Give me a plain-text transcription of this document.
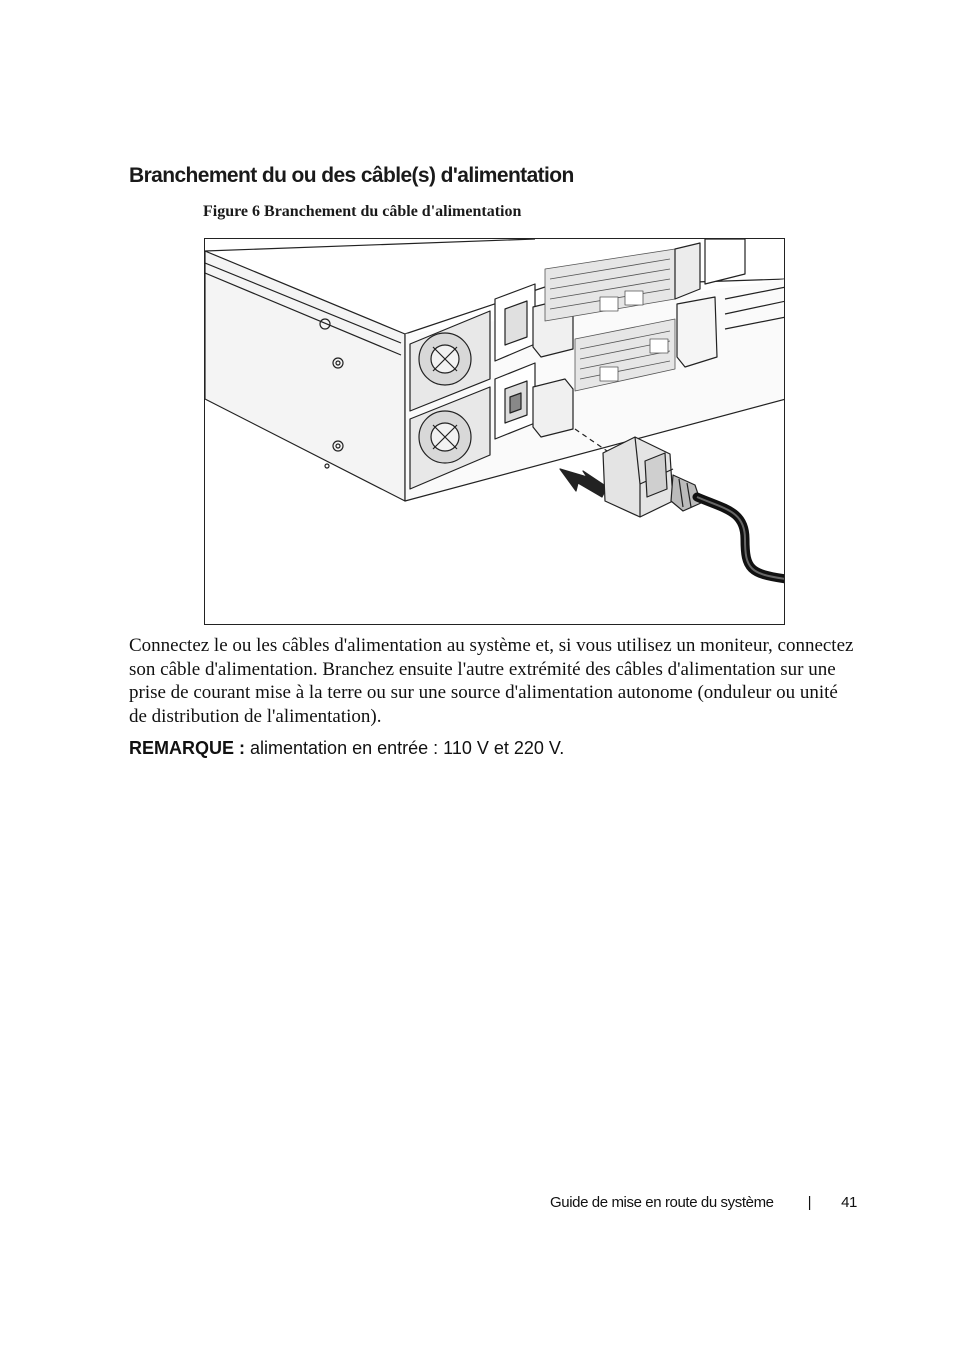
Branchement du ou des câble(s) d'alimentation
Figure 6 Branchement du câble d'alimentation

Connectez le ou les câbles d'alimentation au système et, si vous utilisez un moniteur, connectez son câble d'alimentation. Branchez ensuite l'autre extrémité des câbles d'alimentation sur une prise de courant mise à la terre ou sur une source d'alimentation autonome (onduleur ou unité de distribution de l'alimentation).

REMARQUE : alimentation en entrée : 110 V et 220 V.
Guide de mise en route du système | 41
